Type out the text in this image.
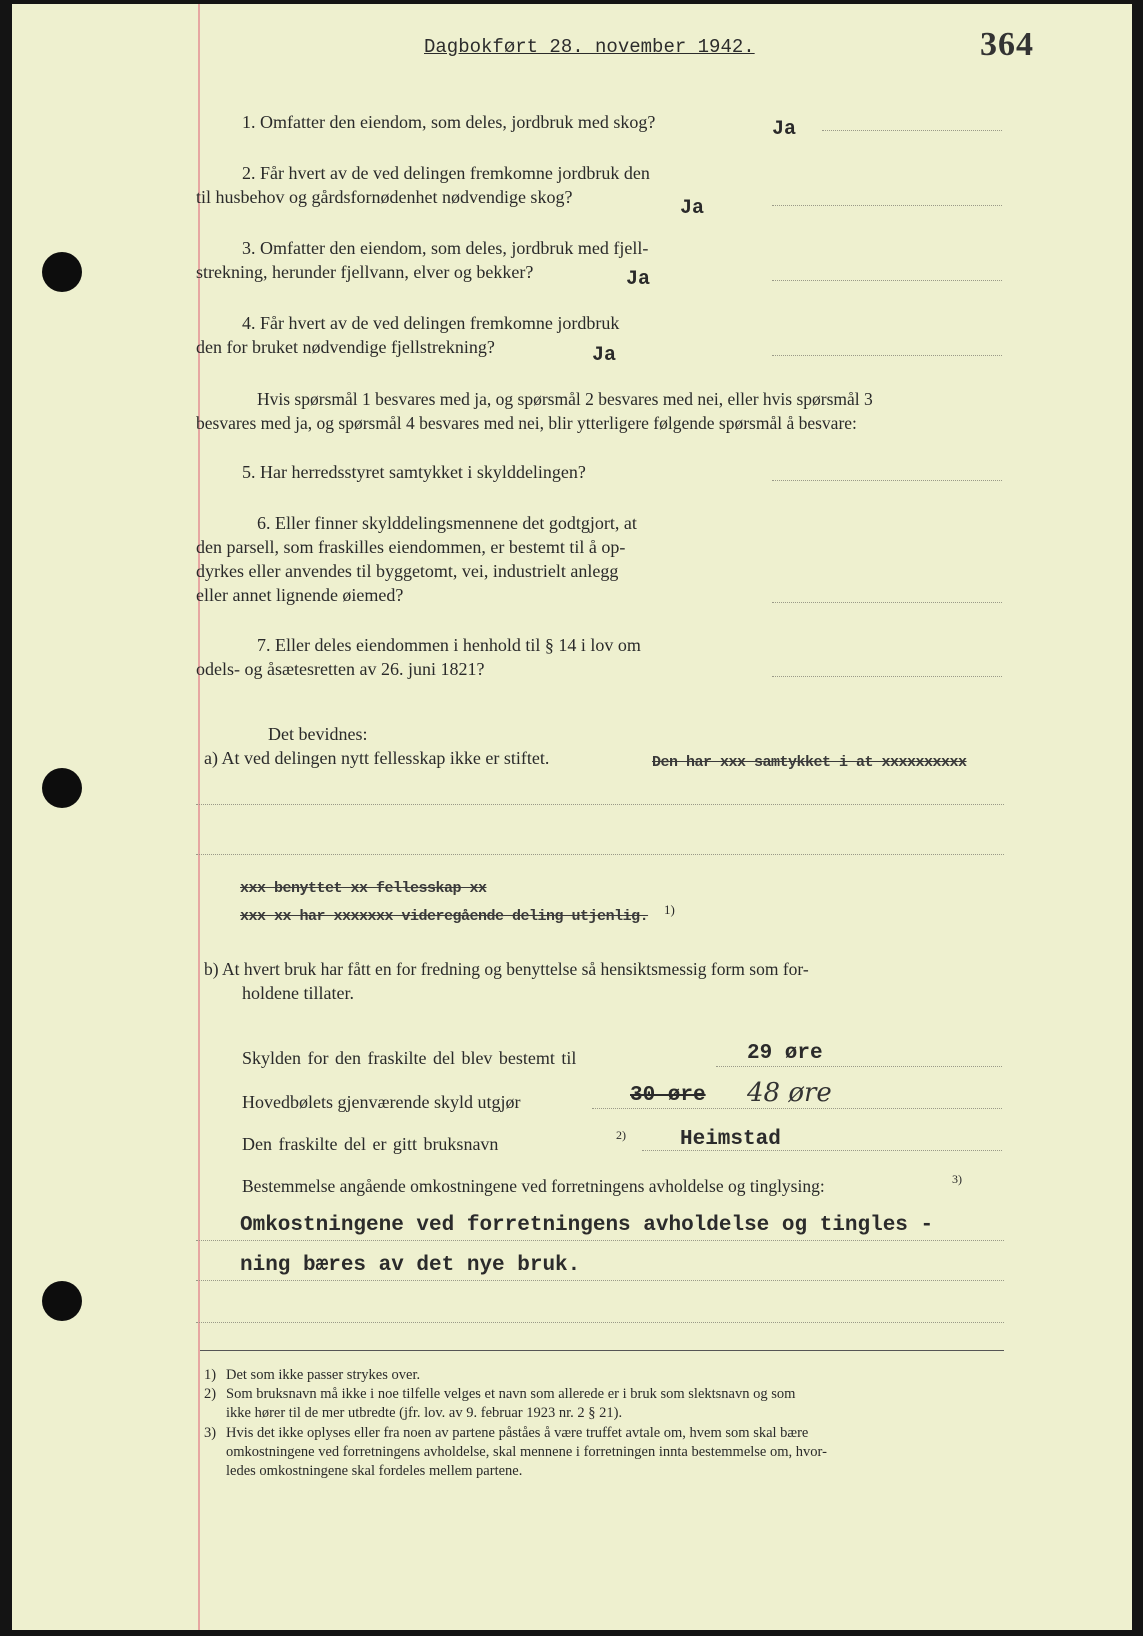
Dagbokført 28. november 1942.	364
1. Omfatter den eiendom, som deles, jordbruk med skog?	Ja
2. Får hvert av de ved delingen fremkomne jordbruk den
til husbehov og gårdsfornødenhet nødvendige skog?	Ja
3. Omfatter den eiendom, som deles, jordbruk med fjell-
strekning, herunder fjellvann, elver og bekker?	Ja
4. Får hvert av de ved delingen fremkomne jordbruk
den for bruket nødvendige fjellstrekning?	Ja
Hvis spørsmål 1 besvares med ja, og spørsmål 2 besvares med nei, eller hvis spørsmål 3
besvares med ja, og spørsmål 4 besvares med nei, blir ytterligere følgende spørsmål å besvare:
5. Har herredsstyret samtykket i skylddelingen?
6. Eller finner skylddelingsmennene det godtgjort, at
den parsell, som fraskilles eiendommen, er bestemt til å op-
dyrkes eller anvendes til byggetomt, vei, industrielt anlegg
eller annet lignende øiemed?
7. Eller deles eiendommen i henhold til § 14 i lov om
odels- og åsætesretten av 26. juni 1821?
Det bevidnes:
a) At ved delingen nytt fellesskap ikke er stiftet.	Den har xxx samtykket i at xxxxxxxxxx
xxx benyttet xx fellesskap xx
xxx xx har xxxxxxx videregående deling utjenlig. 1)
b) At hvert bruk har fått en for fredning og benyttelse så hensiktsmessig form som for-
holdene tillater.
Skylden for den fraskilte del blev bestemt til	29 øre
Hovedbølets gjenværende skyld utgjør	30 øre 48 øre
Den fraskilte del er gitt bruksnavn	2)	Heimstad
Bestemmelse angående omkostningene ved forretningens avholdelse og tinglysing:	3)
Omkostningene ved forretningens avholdelse og tingles -
ning bæres av det nye bruk.
1) Det som ikke passer strykes over.
2) Som bruksnavn må ikke i noe tilfelle velges et navn som allerede er i bruk som slektsnavn og som
ikke hører til de mer utbredte (jfr. lov. av 9. februar 1923 nr. 2 § 21).
3) Hvis det ikke oplyses eller fra noen av partene påståes å være truffet avtale om, hvem som skal bære
omkostningene ved forretningens avholdelse, skal mennene i forretningen innta bestemmelse om, hvor-
ledes omkostningene skal fordeles mellem partene.
